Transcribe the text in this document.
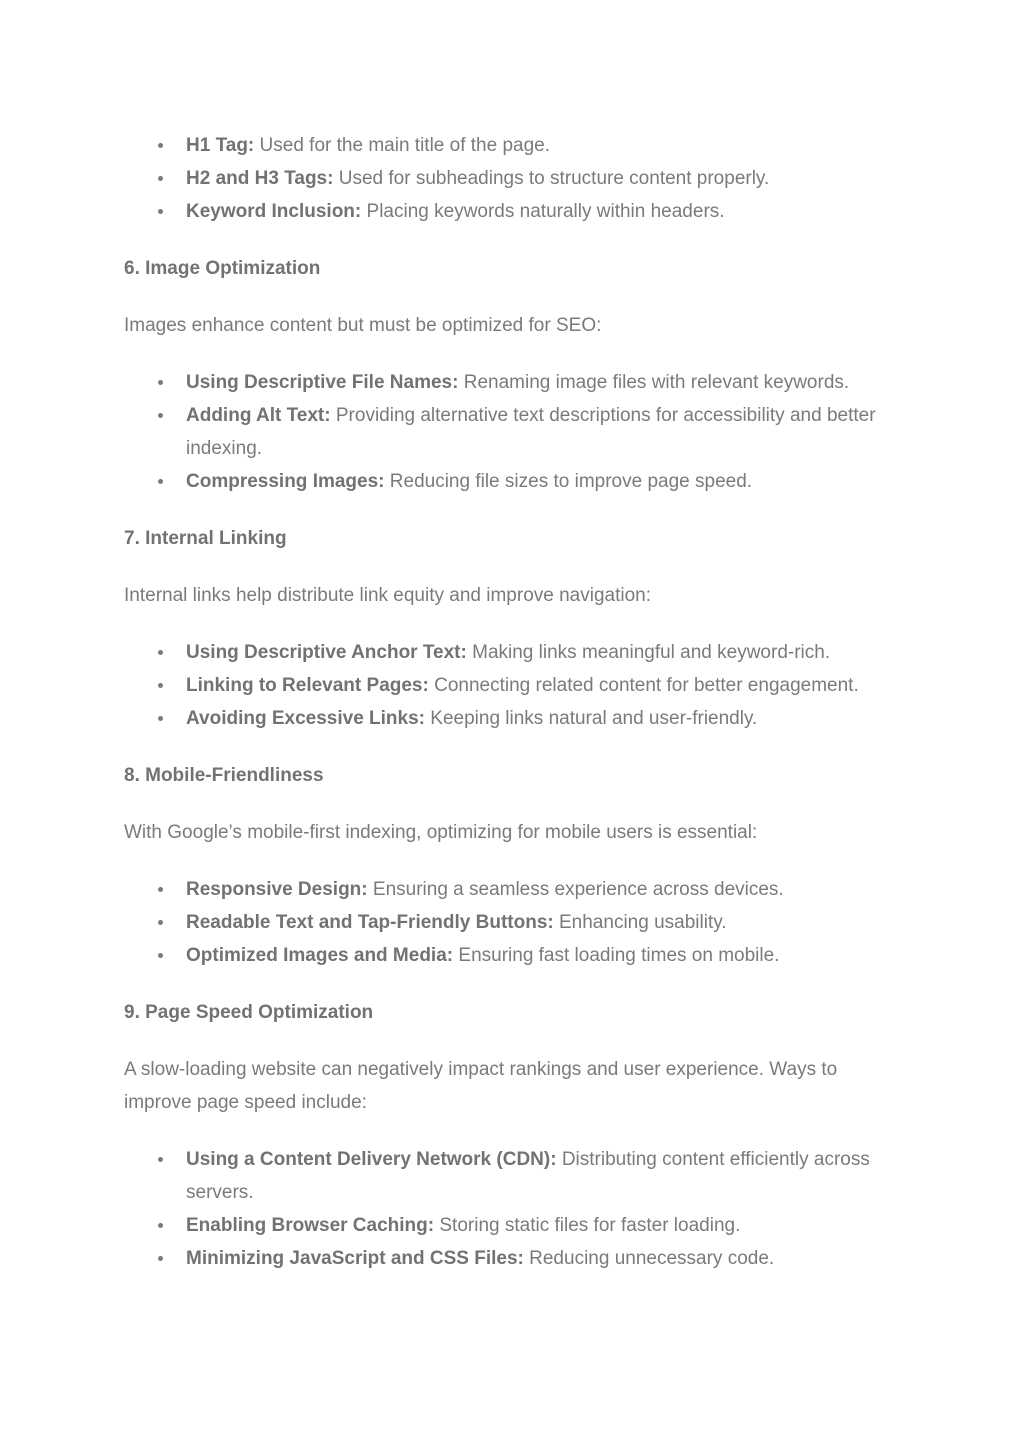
H1 Tag: Used for the main title of the page.
H2 and H3 Tags: Used for subheadings to structure content properly.
Keyword Inclusion: Placing keywords naturally within headers.
6. Image Optimization

Images enhance content but must be optimized for SEO:

Using Descriptive File Names: Renaming image files with relevant keywords.
Adding Alt Text: Providing alternative text descriptions for accessibility and better indexing.
Compressing Images: Reducing file sizes to improve page speed.
7. Internal Linking

Internal links help distribute link equity and improve navigation:

Using Descriptive Anchor Text: Making links meaningful and keyword-rich.
Linking to Relevant Pages: Connecting related content for better engagement.
Avoiding Excessive Links: Keeping links natural and user-friendly.
8. Mobile-Friendliness

With Google’s mobile-first indexing, optimizing for mobile users is essential:

Responsive Design: Ensuring a seamless experience across devices.
Readable Text and Tap-Friendly Buttons: Enhancing usability.
Optimized Images and Media: Ensuring fast loading times on mobile.
9. Page Speed Optimization

A slow-loading website can negatively impact rankings and user experience. Ways to improve page speed include:

Using a Content Delivery Network (CDN): Distributing content efficiently across servers.
Enabling Browser Caching: Storing static files for faster loading.
Minimizing JavaScript and CSS Files: Reducing unnecessary code.
